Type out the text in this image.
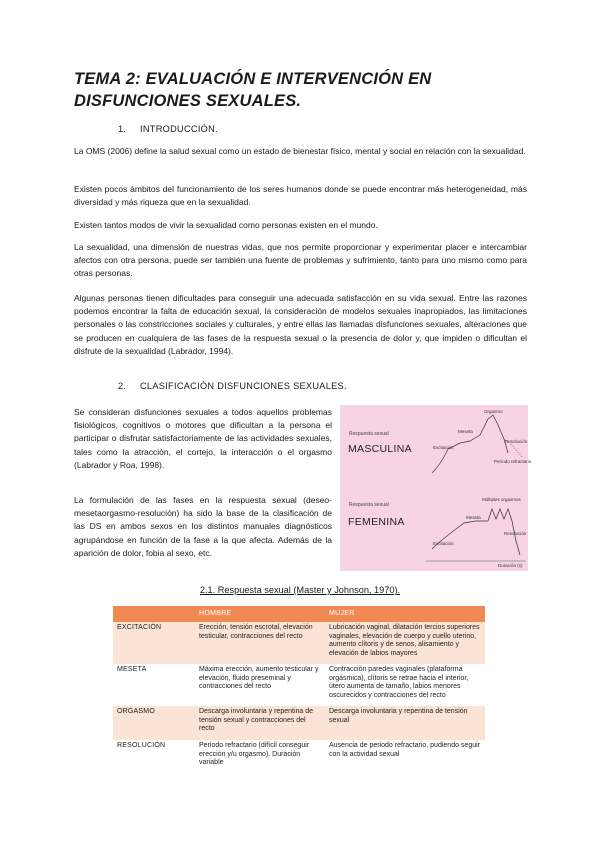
TEMA 2: EVALUACIÓN E INTERVENCIÓN EN DISFUNCIONES SEXUALES.

1. INTRODUCCIÓN.

La OMS (2006) define la salud sexual como un estado de bienestar físico, mental y social en relación con la sexualidad.

Existen pocos ámbitos del funcionamiento de los seres humanos donde se puede encontrar más heterogeneidad, más diversidad y más riqueza que en la sexualidad.

Existen tantos modos de vivir la sexualidad como personas existen en el mundo.

La sexualidad, una dimensión de nuestras vidas, que nos permite proporcionar y experimentar placer e intercambiar afectos con otra persona, puede ser también una fuente de problemas y sufrimiento, tanto para uno mismo como para otras personas.

Algunas personas tienen dificultades para conseguir una adecuada satisfacción en su vida sexual. Entre las razones podemos encontrar la falta de educación sexual, la consideración de modelos sexuales inapropiados, las limitaciones personales o las constricciones sociales y culturales, y entre ellas las llamadas disfunciones sexuales, alteraciones que se producen en cualquiera de las fases de la respuesta sexual o la presencia de dolor y, que impiden o dificultan el disfrute de la sexualidad (Labrador, 1994).

2. CLASIFICACIÓN DISFUNCIONES SEXUALES.

Se consideran disfunciones sexuales a todos aquellos problemas fisiológicos, cognitivos o motores que dificultan a la persona el participar o disfrutar satisfactoriamente de las actividades sexuales, tales como la atracción, el cortejo, la interacción o el orgasmo (Labrador y Roa, 1998).

La formulación de las fases en la respuesta sexual (deseo-mesetaorgasmo-resolución) ha sido la base de la clasificación de las DS en ambos sexos en los distintos manuales diagnósticos agrupándose en función de la fase a la que afecta. Además de la aparición de dolor, fobia al sexo, etc.

Respuesta sexual
MASCULINA
Orgasmo
Meseta
Excitación
Resolución
Período refractario
Respuesta sexual
FEMENINA
Múltiples orgasmos
Meseta
Excitación
Resolución
Duración (s)

2.1. Respuesta sexual (Master y Johnson, 1970).

	HOMBRE	MUJER
EXCITACIÓN	Erección, tensión escrotal, elevación testicular, contracciones del recto	Lubricación vaginal, dilatación tercios superiores vaginales, elevación de cuerpo y cuello uterino, aumento clítoris y de senos, alisamiento y elevación de labios mayores
MESETA	Máxima erección, aumento testicular y elevación, fluido preseminal y contracciones del recto	Contracción paredes vaginales (plataforma orgásmica), clítoris se retrae hacia el interior, útero aumenta de tamaño, labios menores oscurecidos y contracciones del recto
ORGASMO	Descarga involuntaria y repentina de tensión sexual y contracciones del recto	Descarga involuntaria y repentina de tensión sexual
RESOLUCIÓN	Periodo refractario (difícil conseguir erección y/u orgasmo). Duración variable	Ausencia de periodo refractario, pudiendo seguir con la actividad sexual
